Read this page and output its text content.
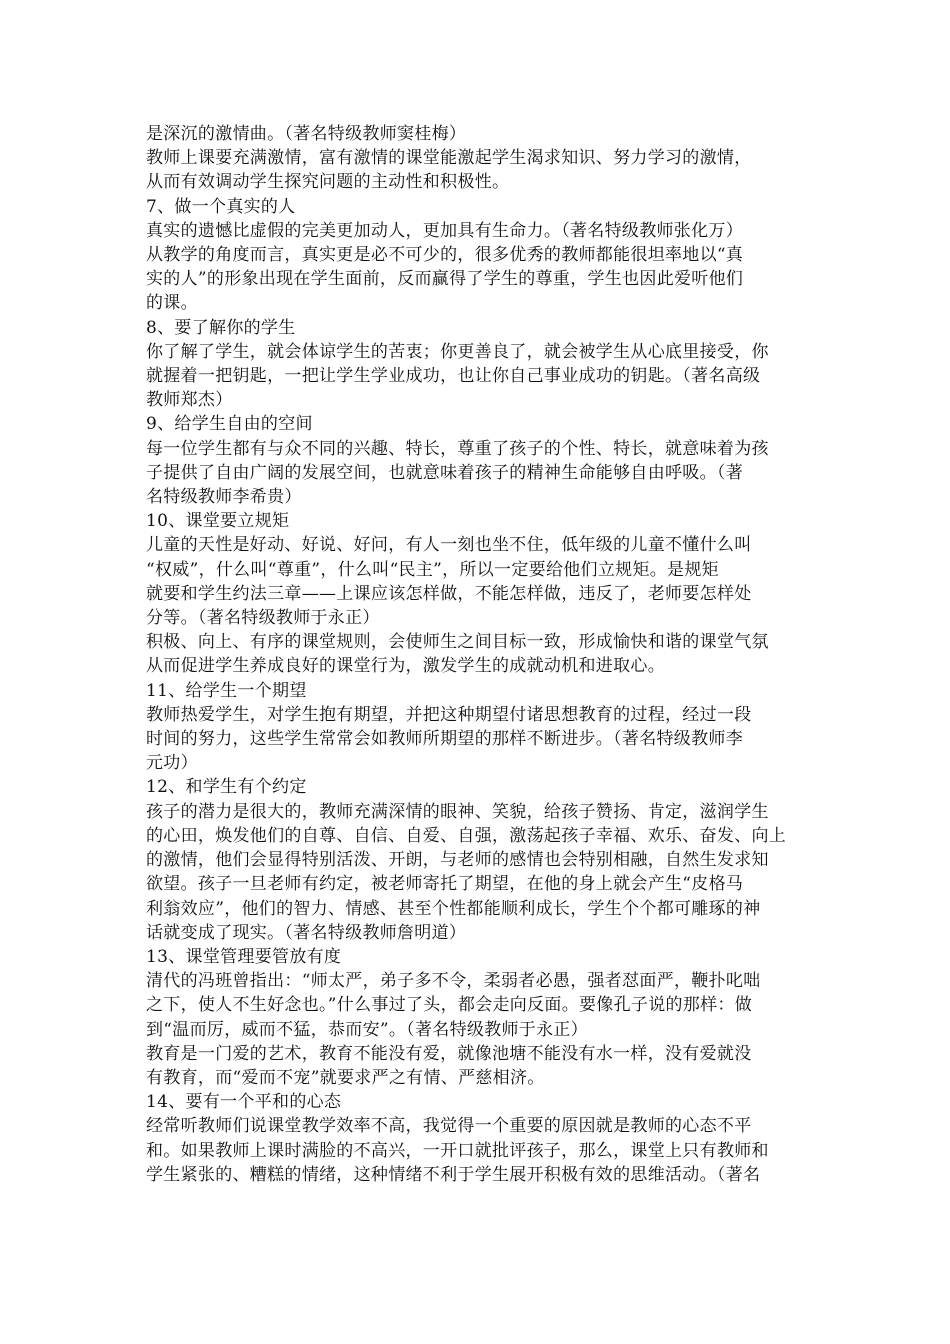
是深沉的激情曲。（著名特级教师窦桂梅）
教师上课要充满激情，富有激情的课堂能激起学生渴求知识、努力学习的激情，
从而有效调动学生探究问题的主动性和积极性。
7、做一个真实的人
真实的遗憾比虚假的完美更加动人，更加具有生命力。（著名特级教师张化万）
从教学的角度而言，真实更是必不可少的，很多优秀的教师都能很坦率地以“真
实的人”的形象出现在学生面前，反而赢得了学生的尊重，学生也因此爱听他们
的课。
8、要了解你的学生
你了解了学生，就会体谅学生的苦衷；你更善良了，就会被学生从心底里接受，你
就握着一把钥匙，一把让学生学业成功，也让你自己事业成功的钥匙。（著名高级
教师郑杰）
9、给学生自由的空间
每一位学生都有与众不同的兴趣、特长，尊重了孩子的个性、特长，就意味着为孩
子提供了自由广阔的发展空间，也就意味着孩子的精神生命能够自由呼吸。（著
名特级教师李希贵）
10、课堂要立规矩
儿童的天性是好动、好说、好问，有人一刻也坐不住，低年级的儿童不懂什么叫
“权威”，什么叫“尊重”，什么叫“民主”，所以一定要给他们立规矩。是规矩
就要和学生约法三章——上课应该怎样做，不能怎样做，违反了，老师要怎样处
分等。（著名特级教师于永正）
积极、向上、有序的课堂规则，会使师生之间目标一致，形成愉快和谐的课堂气氛
从而促进学生养成良好的课堂行为，激发学生的成就动机和进取心。
11、给学生一个期望
教师热爱学生，对学生抱有期望，并把这种期望付诸思想教育的过程，经过一段
时间的努力，这些学生常常会如教师所期望的那样不断进步。（著名特级教师李
元功）
12、和学生有个约定
孩子的潜力是很大的，教师充满深情的眼神、笑貌，给孩子赞扬、肯定，滋润学生
的心田，焕发他们的自尊、自信、自爱、自强，激荡起孩子幸福、欢乐、奋发、向上
的激情，他们会显得特别活泼、开朗，与老师的感情也会特别相融，自然生发求知
欲望。孩子一旦老师有约定，被老师寄托了期望，在他的身上就会产生“皮格马
利翁效应”，他们的智力、情感、甚至个性都能顺利成长，学生个个都可雕琢的神
话就变成了现实。（著名特级教师詹明道）
13、课堂管理要管放有度
清代的冯班曾指出：“师太严，弟子多不令，柔弱者必愚，强者怼面严，鞭扑叱咄
之下，使人不生好念也。”什么事过了头，都会走向反面。要像孔子说的那样：做
到“温而厉，威而不猛，恭而安”。（著名特级教师于永正）
教育是一门爱的艺术，教育不能没有爱，就像池塘不能没有水一样，没有爱就没
有教育，而“爱而不宠”就要求严之有情、严慈相济。
14、要有一个平和的心态
经常听教师们说课堂教学效率不高，我觉得一个重要的原因就是教师的心态不平
和。如果教师上课时满脸的不高兴，一开口就批评孩子，那么，课堂上只有教师和
学生紧张的、糟糕的情绪，这种情绪不利于学生展开积极有效的思维活动。（著名
